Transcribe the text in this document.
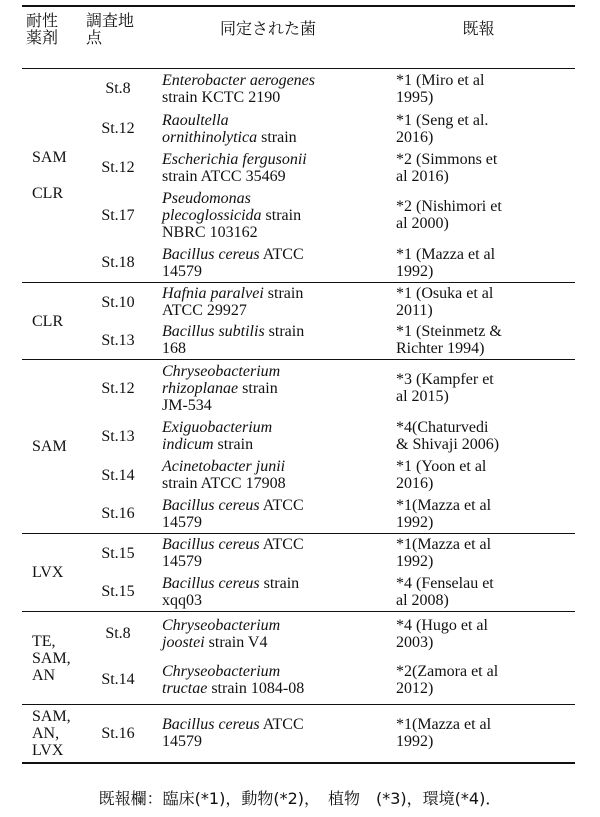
耐性
薬剤	調査地
点	同定された菌	既報

SAM
CLR	St.8	Enterobacter aerogenes
strain KCTC 2190	*1 (Miro et al
1995)

	St.12	Raoultella
ornithinolytica strain	*1 (Seng et al.
2016)

	St.12	Escherichia fergusonii
strain ATCC 35469	*2 (Simmons et
al 2016)

	St.17	Pseudomonas
plecoglossicida strain
NBRC 103162	*2 (Nishimori et
al 2000)

	St.18	Bacillus cereus ATCC
14579	*1 (Mazza et al
1992)

CLR	St.10	Hafnia paralvei strain
ATCC 29927	*1 (Osuka et al
2011)

	St.13	Bacillus subtilis strain
168	*1 (Steinmetz &
Richter 1994)

SAM	St.12	Chryseobacterium
rhizoplanae strain
JM-534	*3 (Kampfer et
al 2015)

	St.13	Exiguobacterium
indicum strain	*4(Chaturvedi
& Shivaji 2006)

	St.14	Acinetobacter junii
strain ATCC 17908	*1 (Yoon et al
2016)

	St.16	Bacillus cereus ATCC
14579	*1(Mazza et al
1992)

LVX	St.15	Bacillus cereus ATCC
14579	*1(Mazza et al
1992)

	St.15	Bacillus cereus strain
xqq03	*4 (Fenselau et
al 2008)

TE,
SAM,
AN	St.8	Chryseobacterium
joostei strain V4	*4 (Hugo et al
2003)

	St.14	Chryseobacterium
tructae strain 1084-08	*2(Zamora et al
2012)

SAM,
AN,
LVX	St.16	Bacillus cereus ATCC
14579	*1(Mazza et al
1992)
既報欄：臨床(*1)，動物(*2)，　植物　(*3)，環境(*4)．
